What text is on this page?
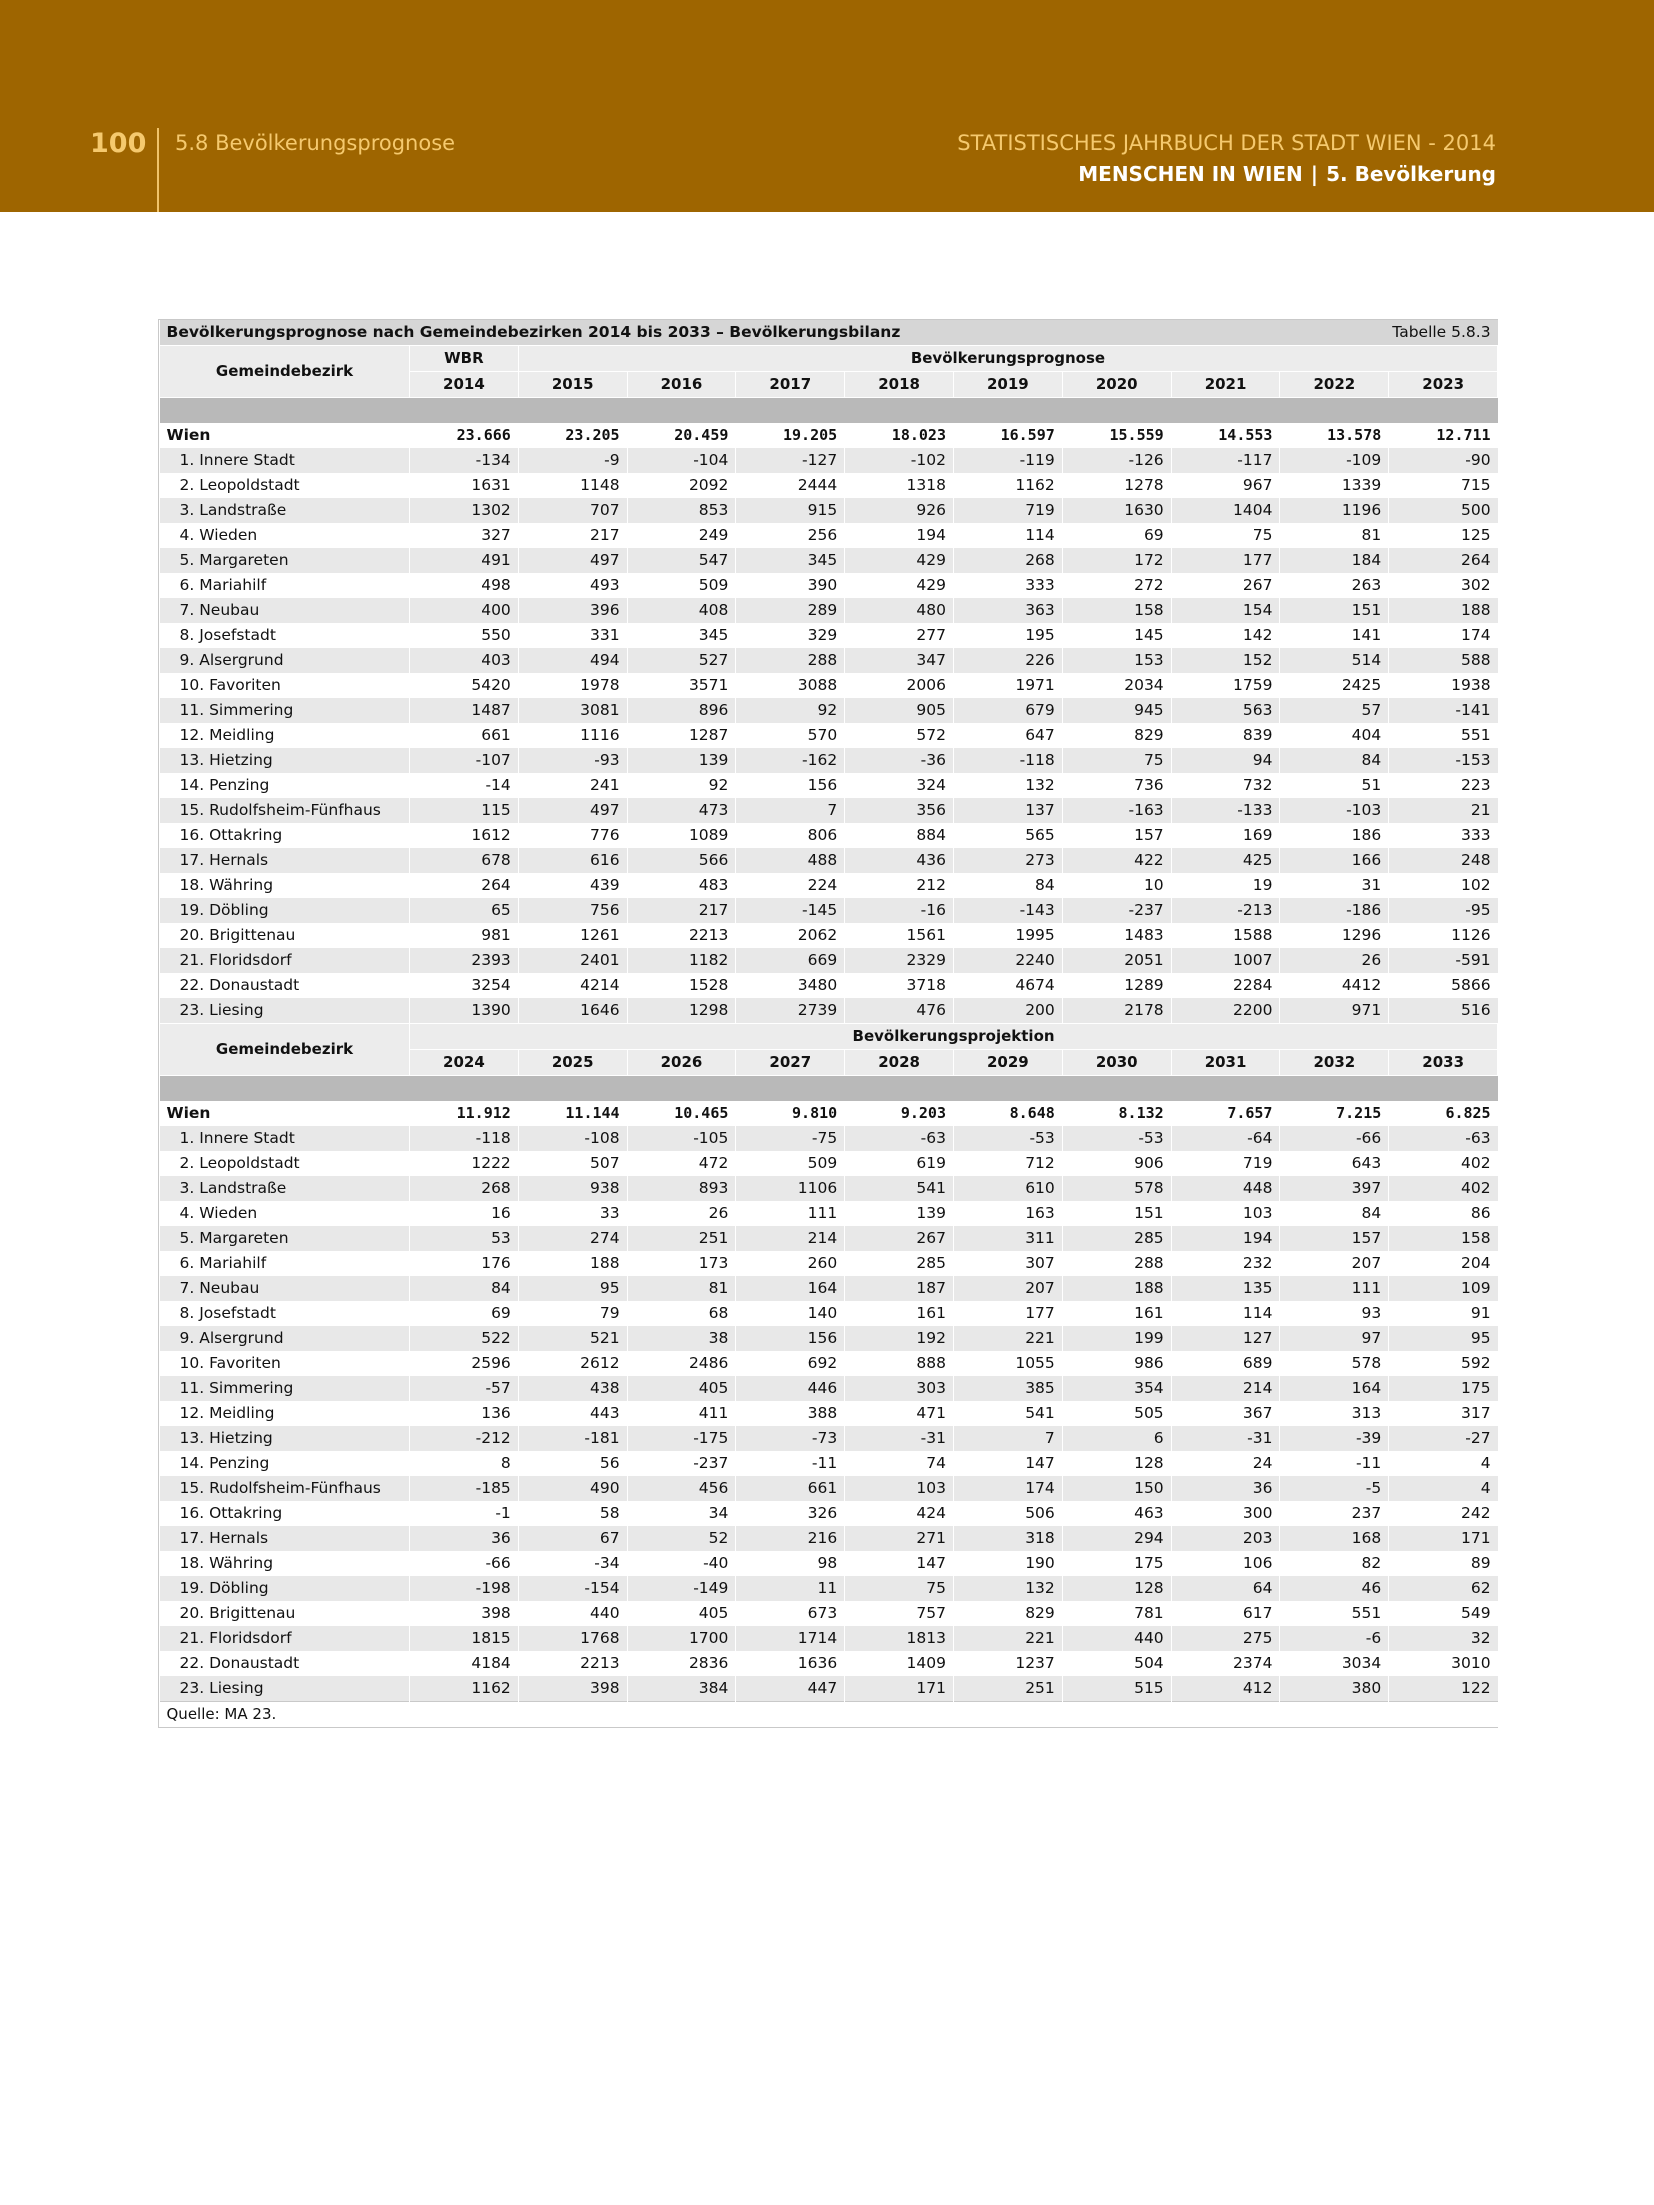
100 5.8 Bevölkerungsprognose	STATISTISCHES JAHRBUCH DER STADT WIEN - 2014
MENSCHEN IN WIEN | 5. Bevölkerung
Bevölkerungsprognose nach Gemeindebezirken 2014 bis 2033 – Bevölkerungsbilanz								Tabelle 5.8.3		
Gemeindebezirk	WBR	Bevölkerungsprognose								
	2014	2015	2016	2017	2018	2019	2020	2021	2022	2023

Wien	23.666	23.205	20.459	19.205	18.023	16.597	15.559	14.553	13.578	12.711
1. Innere Stadt	-134	-9	-104	-127	-102	-119	-126	-117	-109	-90
2. Leopoldstadt	1631	1148	2092	2444	1318	1162	1278	967	1339	715
3. Landstraße	1302	707	853	915	926	719	1630	1404	1196	500
4. Wieden	327	217	249	256	194	114	69	75	81	125
5. Margareten	491	497	547	345	429	268	172	177	184	264
6. Mariahilf	498	493	509	390	429	333	272	267	263	302
7. Neubau	400	396	408	289	480	363	158	154	151	188
8. Josefstadt	550	331	345	329	277	195	145	142	141	174
9. Alsergrund	403	494	527	288	347	226	153	152	514	588
10. Favoriten	5420	1978	3571	3088	2006	1971	2034	1759	2425	1938
11. Simmering	1487	3081	896	92	905	679	945	563	57	-141
12. Meidling	661	1116	1287	570	572	647	829	839	404	551
13. Hietzing	-107	-93	139	-162	-36	-118	75	94	84	-153
14. Penzing	-14	241	92	156	324	132	736	732	51	223
15. Rudolfsheim-Fünfhaus	115	497	473	7	356	137	-163	-133	-103	21
16. Ottakring	1612	776	1089	806	884	565	157	169	186	333
17. Hernals	678	616	566	488	436	273	422	425	166	248
18. Währing	264	439	483	224	212	84	10	19	31	102
19. Döbling	65	756	217	-145	-16	-143	-237	-213	-186	-95
20. Brigittenau	981	1261	2213	2062	1561	1995	1483	1588	1296	1126
21. Floridsdorf	2393	2401	1182	669	2329	2240	2051	1007	26	-591
22. Donaustadt	3254	4214	1528	3480	3718	4674	1289	2284	4412	5866
23. Liesing	1390	1646	1298	2739	476	200	2178	2200	971	516
Gemeindebezirk	Bevölkerungsprojektion									
	2024	2025	2026	2027	2028	2029	2030	2031	2032	2033

Wien	11.912	11.144	10.465	9.810	9.203	8.648	8.132	7.657	7.215	6.825
1. Innere Stadt	-118	-108	-105	-75	-63	-53	-53	-64	-66	-63
2. Leopoldstadt	1222	507	472	509	619	712	906	719	643	402
3. Landstraße	268	938	893	1106	541	610	578	448	397	402
4. Wieden	16	33	26	111	139	163	151	103	84	86
5. Margareten	53	274	251	214	267	311	285	194	157	158
6. Mariahilf	176	188	173	260	285	307	288	232	207	204
7. Neubau	84	95	81	164	187	207	188	135	111	109
8. Josefstadt	69	79	68	140	161	177	161	114	93	91
9. Alsergrund	522	521	38	156	192	221	199	127	97	95
10. Favoriten	2596	2612	2486	692	888	1055	986	689	578	592
11. Simmering	-57	438	405	446	303	385	354	214	164	175
12. Meidling	136	443	411	388	471	541	505	367	313	317
13. Hietzing	-212	-181	-175	-73	-31	7	6	-31	-39	-27
14. Penzing	8	56	-237	-11	74	147	128	24	-11	4
15. Rudolfsheim-Fünfhaus	-185	490	456	661	103	174	150	36	-5	4
16. Ottakring	-1	58	34	326	424	506	463	300	237	242
17. Hernals	36	67	52	216	271	318	294	203	168	171
18. Währing	-66	-34	-40	98	147	190	175	106	82	89
19. Döbling	-198	-154	-149	11	75	132	128	64	46	62
20. Brigittenau	398	440	405	673	757	829	781	617	551	549
21. Floridsdorf	1815	1768	1700	1714	1813	221	440	275	-6	32
22. Donaustadt	4184	2213	2836	1636	1409	1237	504	2374	3034	3010
23. Liesing	1162	398	384	447	171	251	515	412	380	122
Quelle: MA 23.										
